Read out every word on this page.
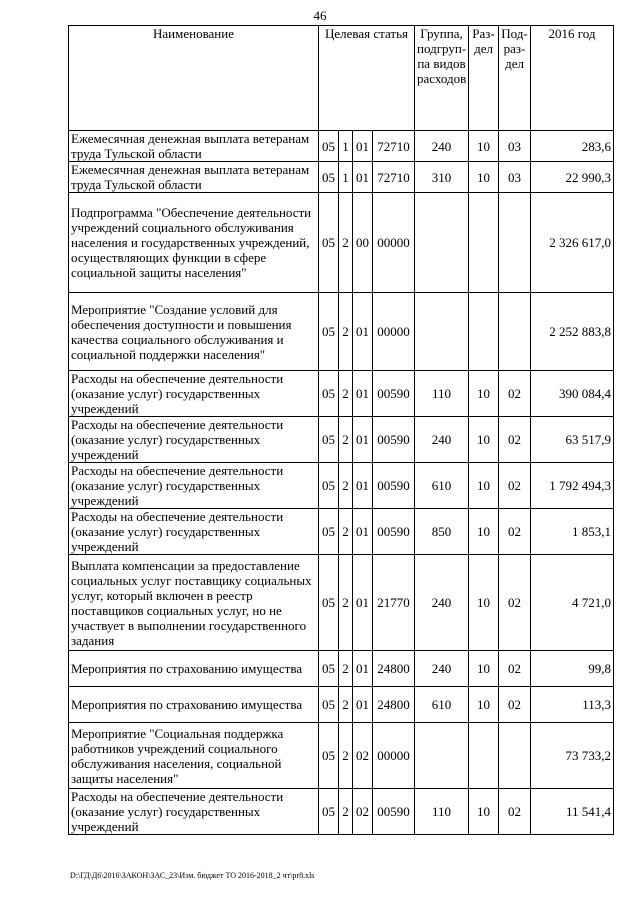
46
Наименование	Целевая статья				Группа, подгруп-па видов расходов	Раз-дел	Под-раз-дел	2016 год
Ежемесячная денежная выплата ветеранам труда Тульской области	05	1	01	72710	240	10	03	283,6
Ежемесячная денежная выплата ветеранам труда Тульской области	05	1	01	72710	310	10	03	22 990,3
Подпрограмма "Обеспечение деятельности учреждений социального обслуживания населения и государственных учреждений, осуществляющих функции в сфере социальной защиты населения"	05	2	00	00000				2 326 617,0
Мероприятие "Создание условий для обеспечения доступности и повышения качества социального обслуживания и социальной поддержки населения"	05	2	01	00000				2 252 883,8
Расходы на обеспечение деятельности (оказание услуг) государственных учреждений	05	2	01	00590	110	10	02	390 084,4
Расходы на обеспечение деятельности (оказание услуг) государственных учреждений	05	2	01	00590	240	10	02	63 517,9
Расходы на обеспечение деятельности (оказание услуг) государственных учреждений	05	2	01	00590	610	10	02	1 792 494,3
Расходы на обеспечение деятельности (оказание услуг) государственных учреждений	05	2	01	00590	850	10	02	1 853,1
Выплата компенсации за предоставление социальных услуг поставщику социальных услуг, который включен в реестр поставщиков социальных услуг, но не участвует в выполнении государственного задания	05	2	01	21770	240	10	02	4 721,0
Мероприятия по страхованию имущества	05	2	01	24800	240	10	02	99,8
Мероприятия по страхованию имущества	05	2	01	24800	610	10	02	113,3
Мероприятие "Социальная поддержка работников учреждений социального обслуживания населения, социальной защиты населения"	05	2	02	00000				73 733,2
Расходы на обеспечение деятельности (оказание услуг) государственных учреждений	05	2	02	00590	110	10	02	11 541,4
D:\ГД\Д6\2016\ЗАКОН\ЗАС_23\Изм. бюджет ТО 2016-2018_2 чт\pr8.xls
